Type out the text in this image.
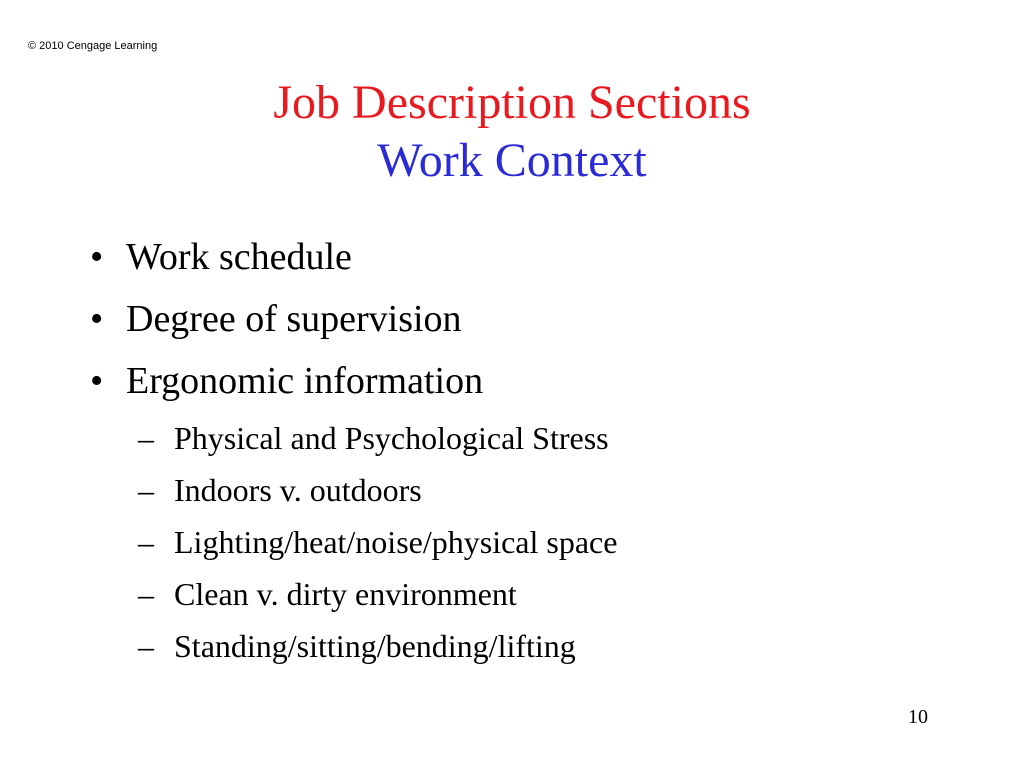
© 2010 Cengage Learning
Job Description Sections
Work Context
• Work schedule
• Degree of supervision
• Ergonomic information
– Physical and Psychological Stress
– Indoors v. outdoors
– Lighting/heat/noise/physical space
– Clean v. dirty environment
– Standing/sitting/bending/lifting
10
